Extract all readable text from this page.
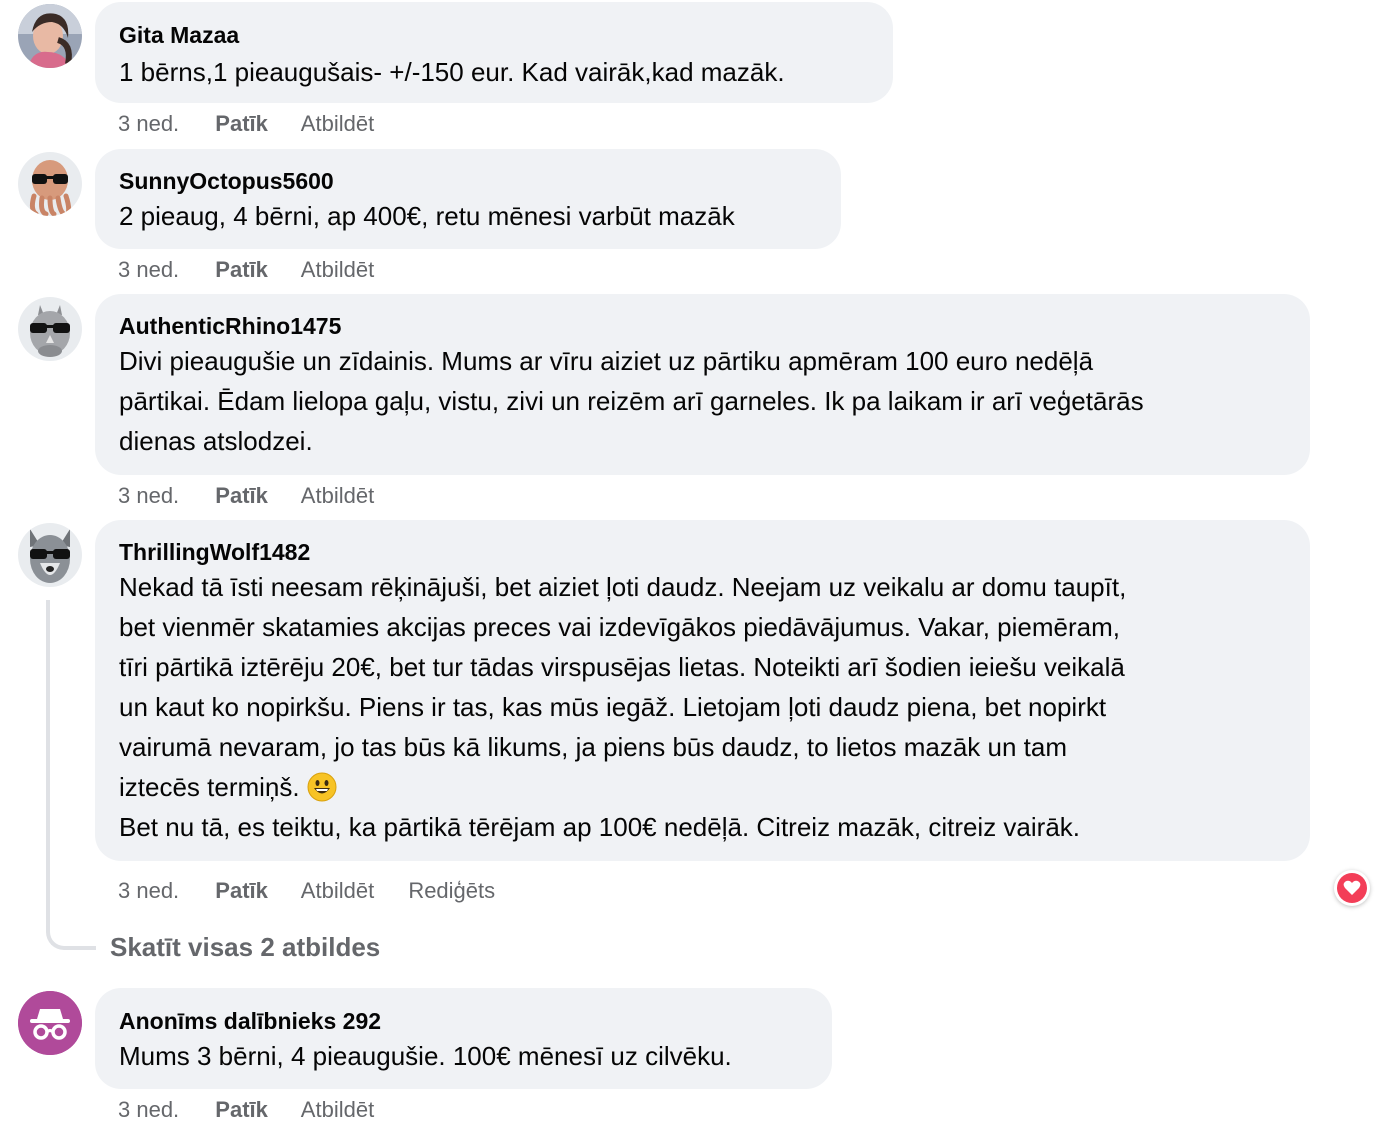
Gita Mazaa
1 bērns,1 pieaugušais- +/-150 eur. Kad vairāk,kad mazāk.
3 ned. Patīk Atbildēt
SunnyOctopus5600
2 pieaug, 4 bērni, ap 400€, retu mēnesi varbūt mazāk
3 ned. Patīk Atbildēt
AuthenticRhino1475
Divi pieaugušie un zīdainis. Mums ar vīru aiziet uz pārtiku apmēram 100 euro nedēļā
pārtikai. Ēdam lielopa gaļu, vistu, zivi un reizēm arī garneles. Ik pa laikam ir arī veģetārās
dienas atslodzei.
3 ned. Patīk Atbildēt
ThrillingWolf1482
Nekad tā īsti neesam rēķinājuši, bet aiziet ļoti daudz. Neejam uz veikalu ar domu taupīt,
bet vienmēr skatamies akcijas preces vai izdevīgākos piedāvājumus. Vakar, piemēram,
tīri pārtikā iztērēju 20€, bet tur tādas virspusējas lietas. Noteikti arī šodien ieiešu veikalā
un kaut ko nopirkšu. Piens ir tas, kas mūs iegāž. Lietojam ļoti daudz piena, bet nopirkt
vairumā nevaram, jo tas būs kā likums, ja piens būs daudz, to lietos mazāk un tam
iztecēs termiņš.
Bet nu tā, es teiktu, ka pārtikā tērējam ap 100€ nedēļā. Citreiz mazāk, citreiz vairāk.
3 ned. Patīk Atbildēt Rediģēts
Skatīt visas 2 atbildes
Anonīms dalībnieks 292
Mums 3 bērni, 4 pieaugušie. 100€ mēnesī uz cilvēku.
3 ned. Patīk Atbildēt
